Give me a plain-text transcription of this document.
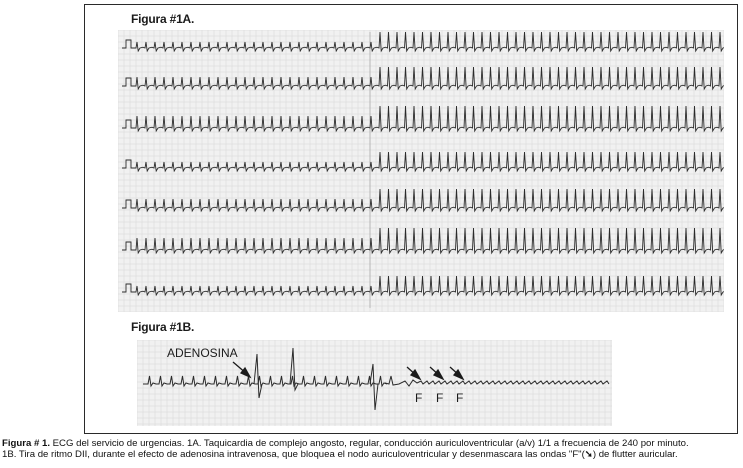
Figura #1A.
Figura #1B.
ADENOSINA
F F F
Figura # 1. ECG del servicio de urgencias. 1A. Taquicardia de complejo angosto, regular, conducción auriculoventricular (a/v) 1/1 a frecuencia de 240 por minuto.
1B. Tira de ritmo DII, durante el efecto de adenosina intravenosa, que bloquea el nodo auriculoventricular y desenmascara las ondas "F"(➘) de flutter auricular.
